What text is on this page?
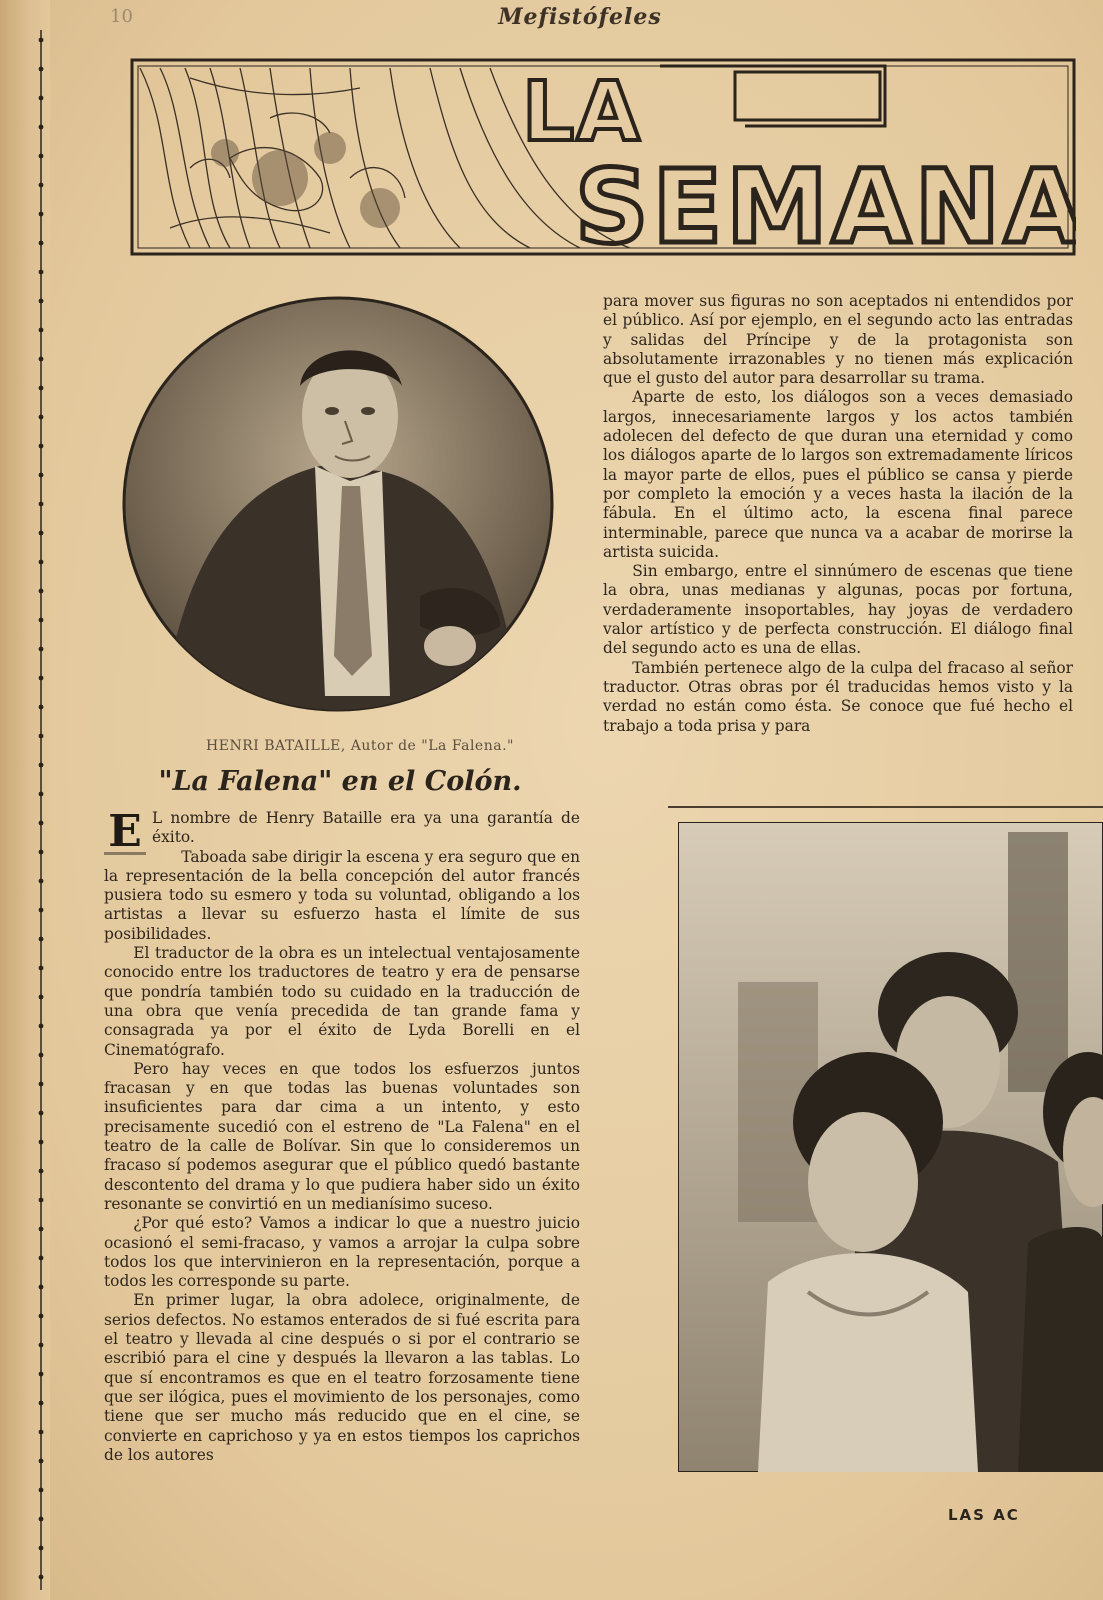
10	Mefistófeles
LA
SEMANA
HENRI BATAILLE, Autor de "La Falena."
"La Falena" en el Colón.

para mover sus figuras no son aceptados ni entendidos por el público. Así por ejemplo, en el segundo acto las entradas y salidas del Príncipe y de la protagonista son absolutamente irrazonables y no tienen más explicación que el gusto del autor para desarrollar su trama.

Aparte de esto, los diálogos son a veces demasiado largos, innecesariamente largos y los actos también adolecen del defecto de que duran una eternidad y como los diálogos aparte de lo largos son extremadamente líricos la mayor parte de ellos, pues el público se cansa y pierde por completo la emoción y a veces hasta la ilación de la fábula. En el último acto, la escena final parece interminable, parece que nunca va a acabar de morirse la artista suicida.

Sin embargo, entre el sinnúmero de escenas que tiene la obra, unas medianas y algunas, pocas por fortuna, verdaderamente insoportables, hay joyas de verdadero valor artístico y de perfecta construcción. El diálogo final del segundo acto es una de ellas.

También pertenece algo de la culpa del fracaso al señor traductor. Otras obras por él traducidas hemos visto y la verdad no están como ésta. Se conoce que fué hecho el trabajo a toda prisa y para

E L nombre de Henry Bataille era ya una garantía de éxito.

Taboada sabe dirigir la escena y era seguro que en la representación de la bella concepción del autor francés pusiera todo su esmero y toda su voluntad, obligando a los artistas a llevar su esfuerzo hasta el límite de sus posibilidades.

El traductor de la obra es un intelectual ventajosamente conocido entre los traductores de teatro y era de pensarse que pondría también todo su cuidado en la traducción de una obra que venía precedida de tan grande fama y consagrada ya por el éxito de Lyda Borelli en el Cinematógrafo.

Pero hay veces en que todos los esfuerzos juntos fracasan y en que todas las buenas voluntades son insuficientes para dar cima a un intento, y esto precisamente sucedió con el estreno de "La Falena" en el teatro de la calle de Bolívar. Sin que lo consideremos un fracaso sí podemos asegurar que el público quedó bastante descontento del drama y lo que pudiera haber sido un éxito resonante se convirtió en un medianísimo suceso.

¿Por qué esto? Vamos a indicar lo que a nuestro juicio ocasionó el semi-fracaso, y vamos a arrojar la culpa sobre todos los que intervinieron en la representación, porque a todos les corresponde su parte.

En primer lugar, la obra adolece, originalmente, de serios defectos. No estamos enterados de si fué escrita para el teatro y llevada al cine después o si por el contrario se escribió para el cine y después la llevaron a las tablas. Lo que sí encontramos es que en el teatro forzosamente tiene que ser ilógica, pues el movimiento de los personajes, como tiene que ser mucho más reducido que en el cine, se convierte en caprichoso y ya en estos tiempos los caprichos de los autores

LAS AC
